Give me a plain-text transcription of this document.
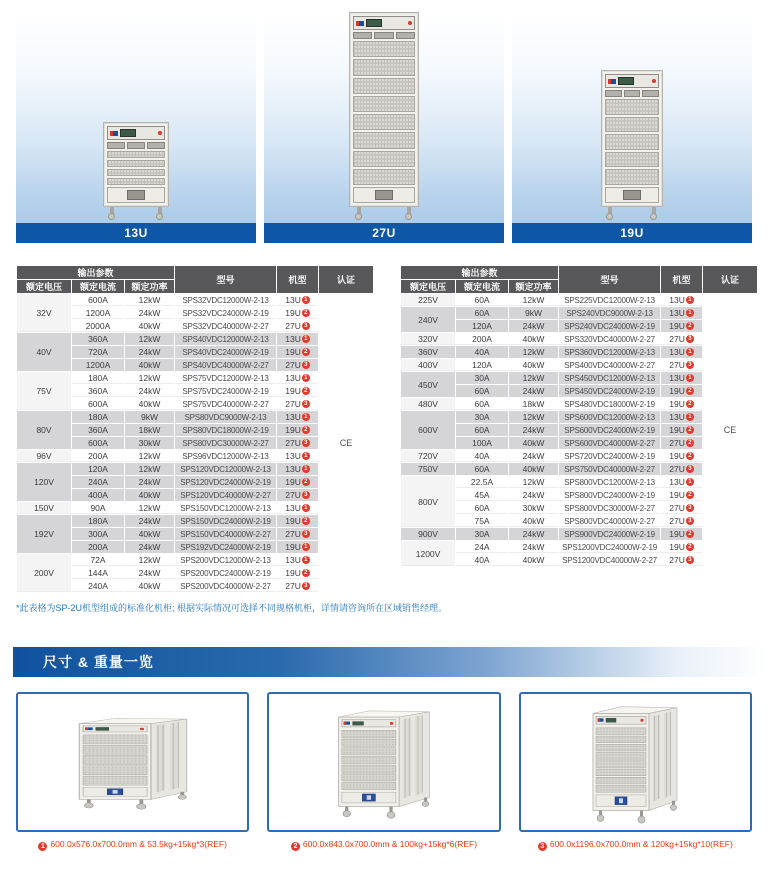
13U	27U	19U
输出参数			型号	机型	认证
额定电压	额定电流	额定功率			
32V	600A	12kW	SPS32VDC12000W-2-13	13U 1	CE
	1200A	24kW	SPS32VDC24000W-2-19	19U 2	
	2000A	40kW	SPS32VDC40000W-2-27	27U 3	
40V	360A	12kW	SPS40VDC12000W-2-13	13U 1	
	720A	24kW	SPS40VDC24000W-2-19	19U 2	
	1200A	40kW	SPS40VDC40000W-2-27	27U 3	
75V	180A	12kW	SPS75VDC12000W-2-13	13U 1	
	360A	24kW	SPS75VDC24000W-2-19	19U 2	
	600A	40kW	SPS75VDC40000W-2-27	27U 3	
80V	180A	9kW	SPS80VDC9000W-2-13	13U 1	
	360A	18kW	SPS80VDC18000W-2-19	19U 2	
	600A	30kW	SPS80VDC30000W-2-27	27U 3	
96V	200A	12kW	SPS96VDC12000W-2-13	13U 1	
120V	120A	12kW	SPS120VDC12000W-2-13	13U 1	
	240A	24kW	SPS120VDC24000W-2-19	19U 2	
	400A	40kW	SPS120VDC40000W-2-27	27U 3	
150V	90A	12kW	SPS150VDC12000W-2-13	13U 1	
192V	180A	24kW	SPS150VDC24000W-2-19	19U 2	
	300A	40kW	SPS150VDC40000W-2-27	27U 3	
	200A	24kW	SPS192VDC24000W-2-19	19U 1	
200V	72A	12kW	SPS200VDC12000W-2-13	13U 1	
	144A	24kW	SPS200VDC24000W-2-19	19U 2	
	240A	40kW	SPS200VDC40000W-2-27	27U 3	
输出参数			型号	机型	认证
额定电压	额定电流	额定功率			
225V	60A	12kW	SPS225VDC12000W-2-13	13U 1	CE
240V	60A	9kW	SPS240VDC9000W-2-13	13U 1	
	120A	24kW	SPS240VDC24000W-2-19	19U 2	
320V	200A	40kW	SPS320VDC40000W-2-27	27U 3	
360V	40A	12kW	SPS360VDC12000W-2-13	13U 1	
400V	120A	40kW	SPS400VDC40000W-2-27	27U 3	
450V	30A	12kW	SPS450VDC12000W-2-13	13U 1	
	60A	24kW	SPS450VDC24000W-2-19	19U 2	
480V	60A	18kW	SPS480VDC18000W-2-19	19U 2	
600V	30A	12kW	SPS600VDC12000W-2-13	13U 1	
	60A	24kW	SPS600VDC24000W-2-19	19U 2	
	100A	40kW	SPS600VDC40000W-2-27	27U 2	
720V	40A	24kW	SPS720VDC24000W-2-19	19U 2	
750V	60A	40kW	SPS750VDC40000W-2-27	27U 3	
800V	22.5A	12kW	SPS800VDC12000W-2-13	13U 1	
	45A	24kW	SPS800VDC24000W-2-19	19U 2	
	60A	30kW	SPS800VDC30000W-2-27	27U 3	
	75A	40kW	SPS800VDC40000W-2-27	27U 3	
900V	30A	24kW	SPS900VDC24000W-2-19	19U 2	
1200V	24A	24kW	SPS1200VDC24000W-2-19	19U 2	
	40A	40kW	SPS1200VDC40000W-2-27	27U 3	
*此表格为SP-2U机型组成的标准化机柜; 根据实际情况可选择不同规格机柜，详情请咨询所在区域销售经理。
尺寸 & 重量一览
1 600.0x576.0x700.0mm & 53.5kg+15kg*3(REF)	2 600.0x843.0x700.0mm & 100kg+15kg*6(REF)	3 600.0x1196.0x700.0mm & 120kg+15kg*10(REF)
